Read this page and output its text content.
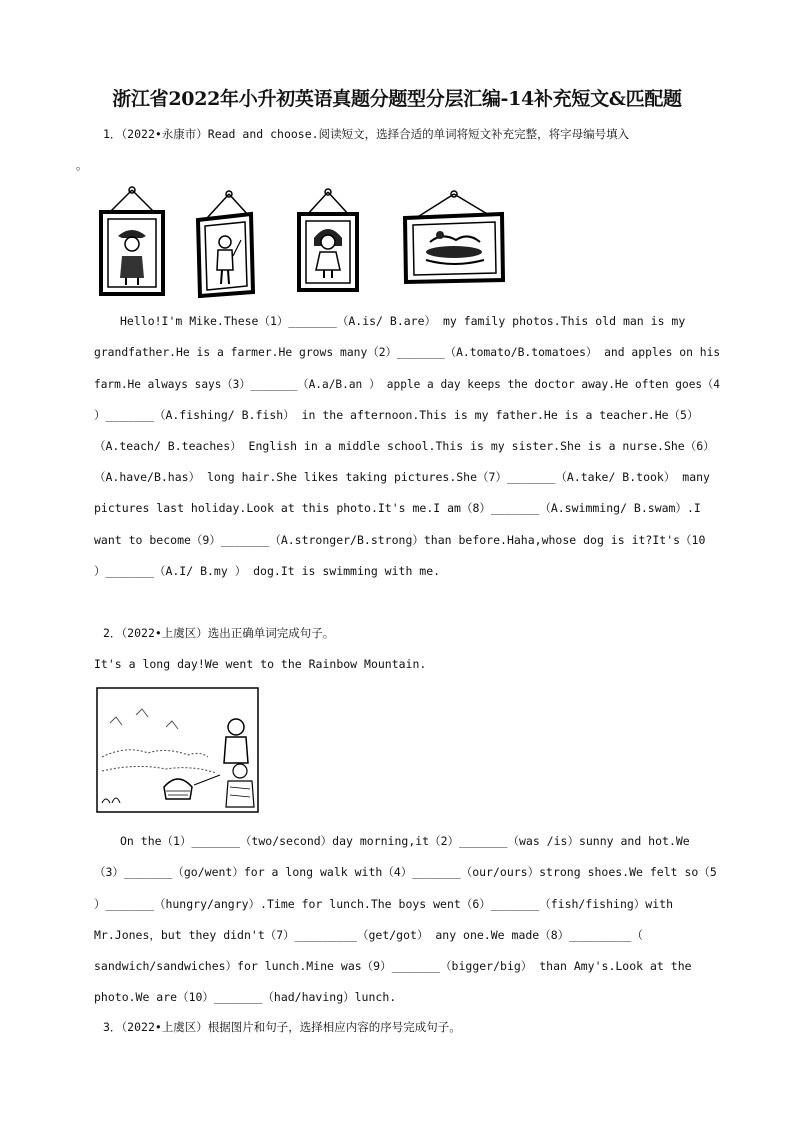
浙江省2022年小升初英语真题分题型分层汇编-14补充短文&匹配题
1．（2022•永康市）Read and choose.阅读短文，选择合适的单词将短文补充完整，将字母编号填入
。
Hello!I'm Mike.These（1）_______（A.is/ B.are） my family photos.This old man is my
grandfather.He is a farmer.He grows many（2）_______（A.tomato/B.tomatoes） and apples on his
farm.He always says（3）_______（A.a/B.an ） apple a day keeps the doctor away.He often goes（4
）_______（A.fishing/ B.fish） in the afternoon.This is my father.He is a teacher.He（5）
（A.teach/ B.teaches） English in a middle school.This is my sister.She is a nurse.She（6）
（A.have/B.has） long hair.She likes taking pictures.She（7）_______（A.take/ B.took） many
pictures last holiday.Look at this photo.It's me.I am（8）_______（A.swimming/ B.swam）.I
want to become（9）_______（A.stronger/B.strong）than before.Haha,whose dog is it?It's（10
）_______（A.I/ B.my ） dog.It is swimming with me.
2．（2022•上虞区）选出正确单词完成句子。
It's a long day!We went to the Rainbow Mountain.
On the（1）_______（two/second）day morning,it（2）_______（was /is）sunny and hot.We
（3）_______（go/went）for a long walk with（4）_______（our/ours）strong shoes.We felt so（5
）_______（hungry/angry）.Time for lunch.The boys went（6）_______（fish/fishing）with
Mr.Jones，but they didn't（7）_________（get/got） any one.We made（8）_________（
sandwich/sandwiches）for lunch.Mine was（9）_______（bigger/big） than Amy's.Look at the
photo.We are（10）_______（had/having）lunch.
3．（2022•上虞区）根据图片和句子，选择相应内容的序号完成句子。
